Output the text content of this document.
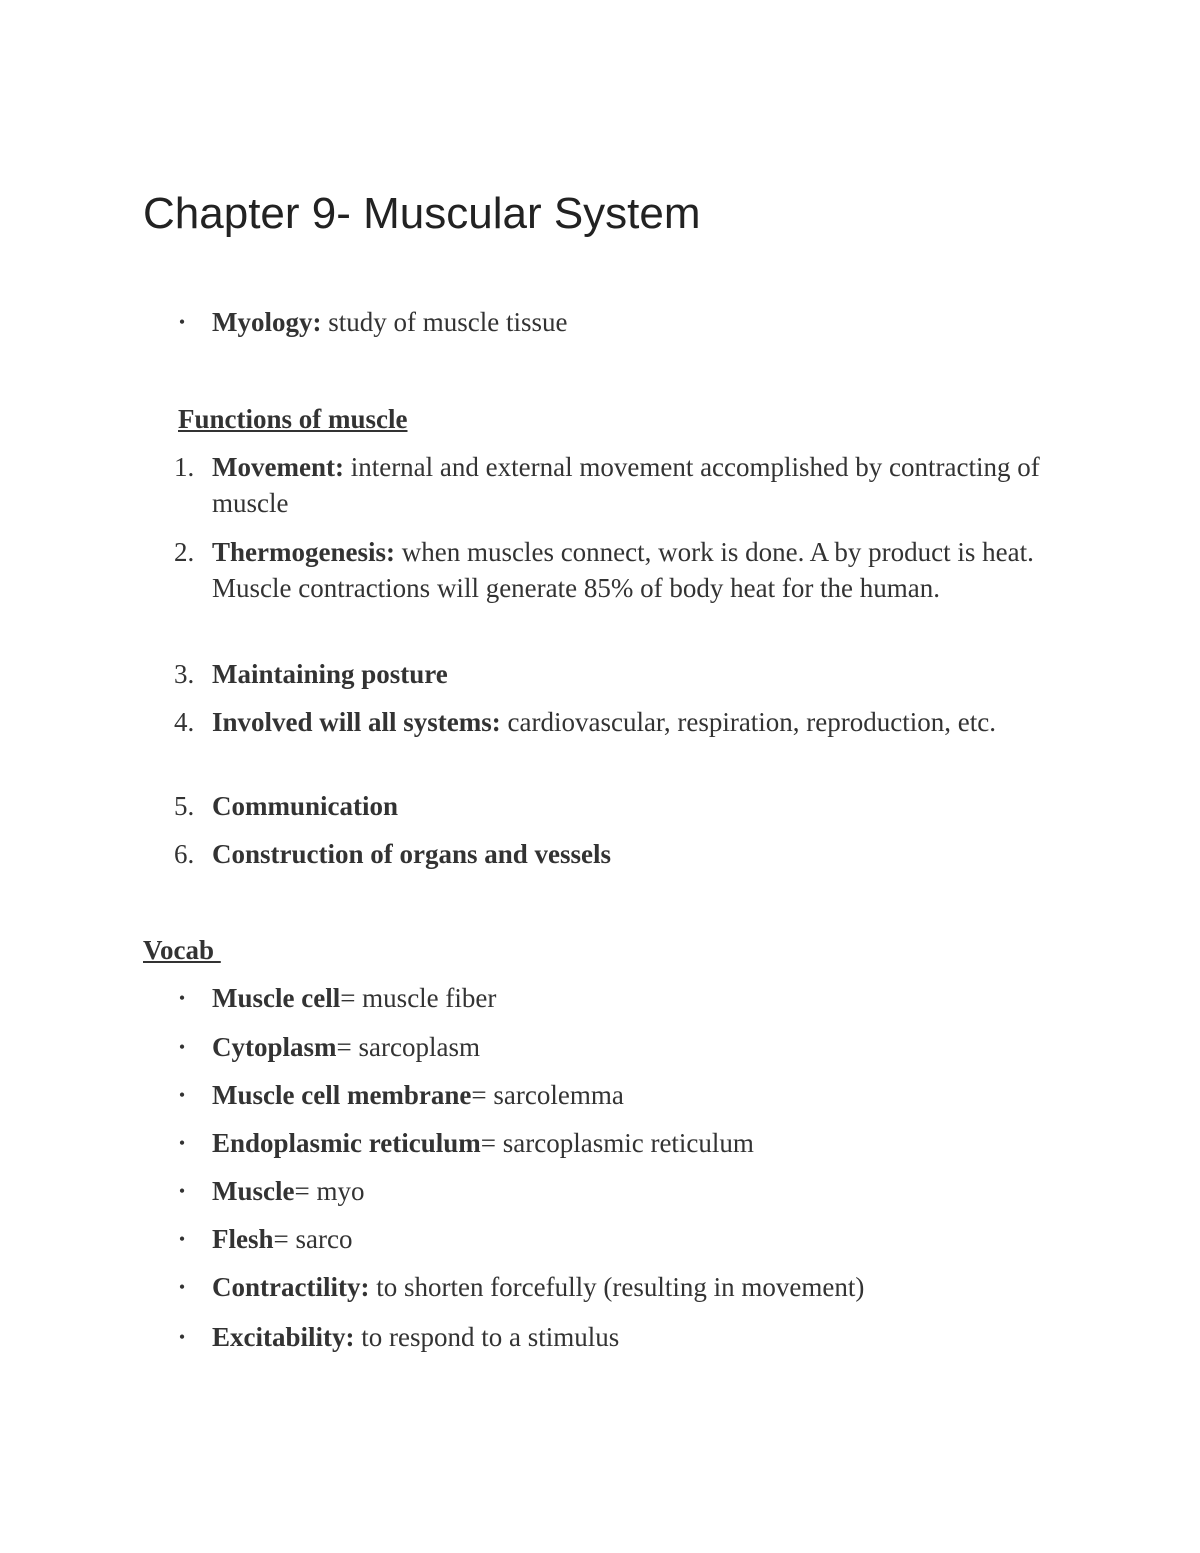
Chapter 9- Muscular System

• Myology: study of muscle tissue

Functions of muscle

1. Movement: internal and external movement accomplished by contracting of muscle

2. Thermogenesis: when muscles connect, work is done. A by product is heat. Muscle contractions will generate 85% of body heat for the human.

3. Maintaining posture

4. Involved will all systems: cardiovascular, respiration, reproduction, etc.

5. Communication

6. Construction of organs and vessels

Vocab

• Muscle cell= muscle fiber

• Cytoplasm= sarcoplasm

• Muscle cell membrane= sarcolemma

• Endoplasmic reticulum= sarcoplasmic reticulum

• Muscle= myo

• Flesh= sarco

• Contractility: to shorten forcefully (resulting in movement)

• Excitability: to respond to a stimulus
